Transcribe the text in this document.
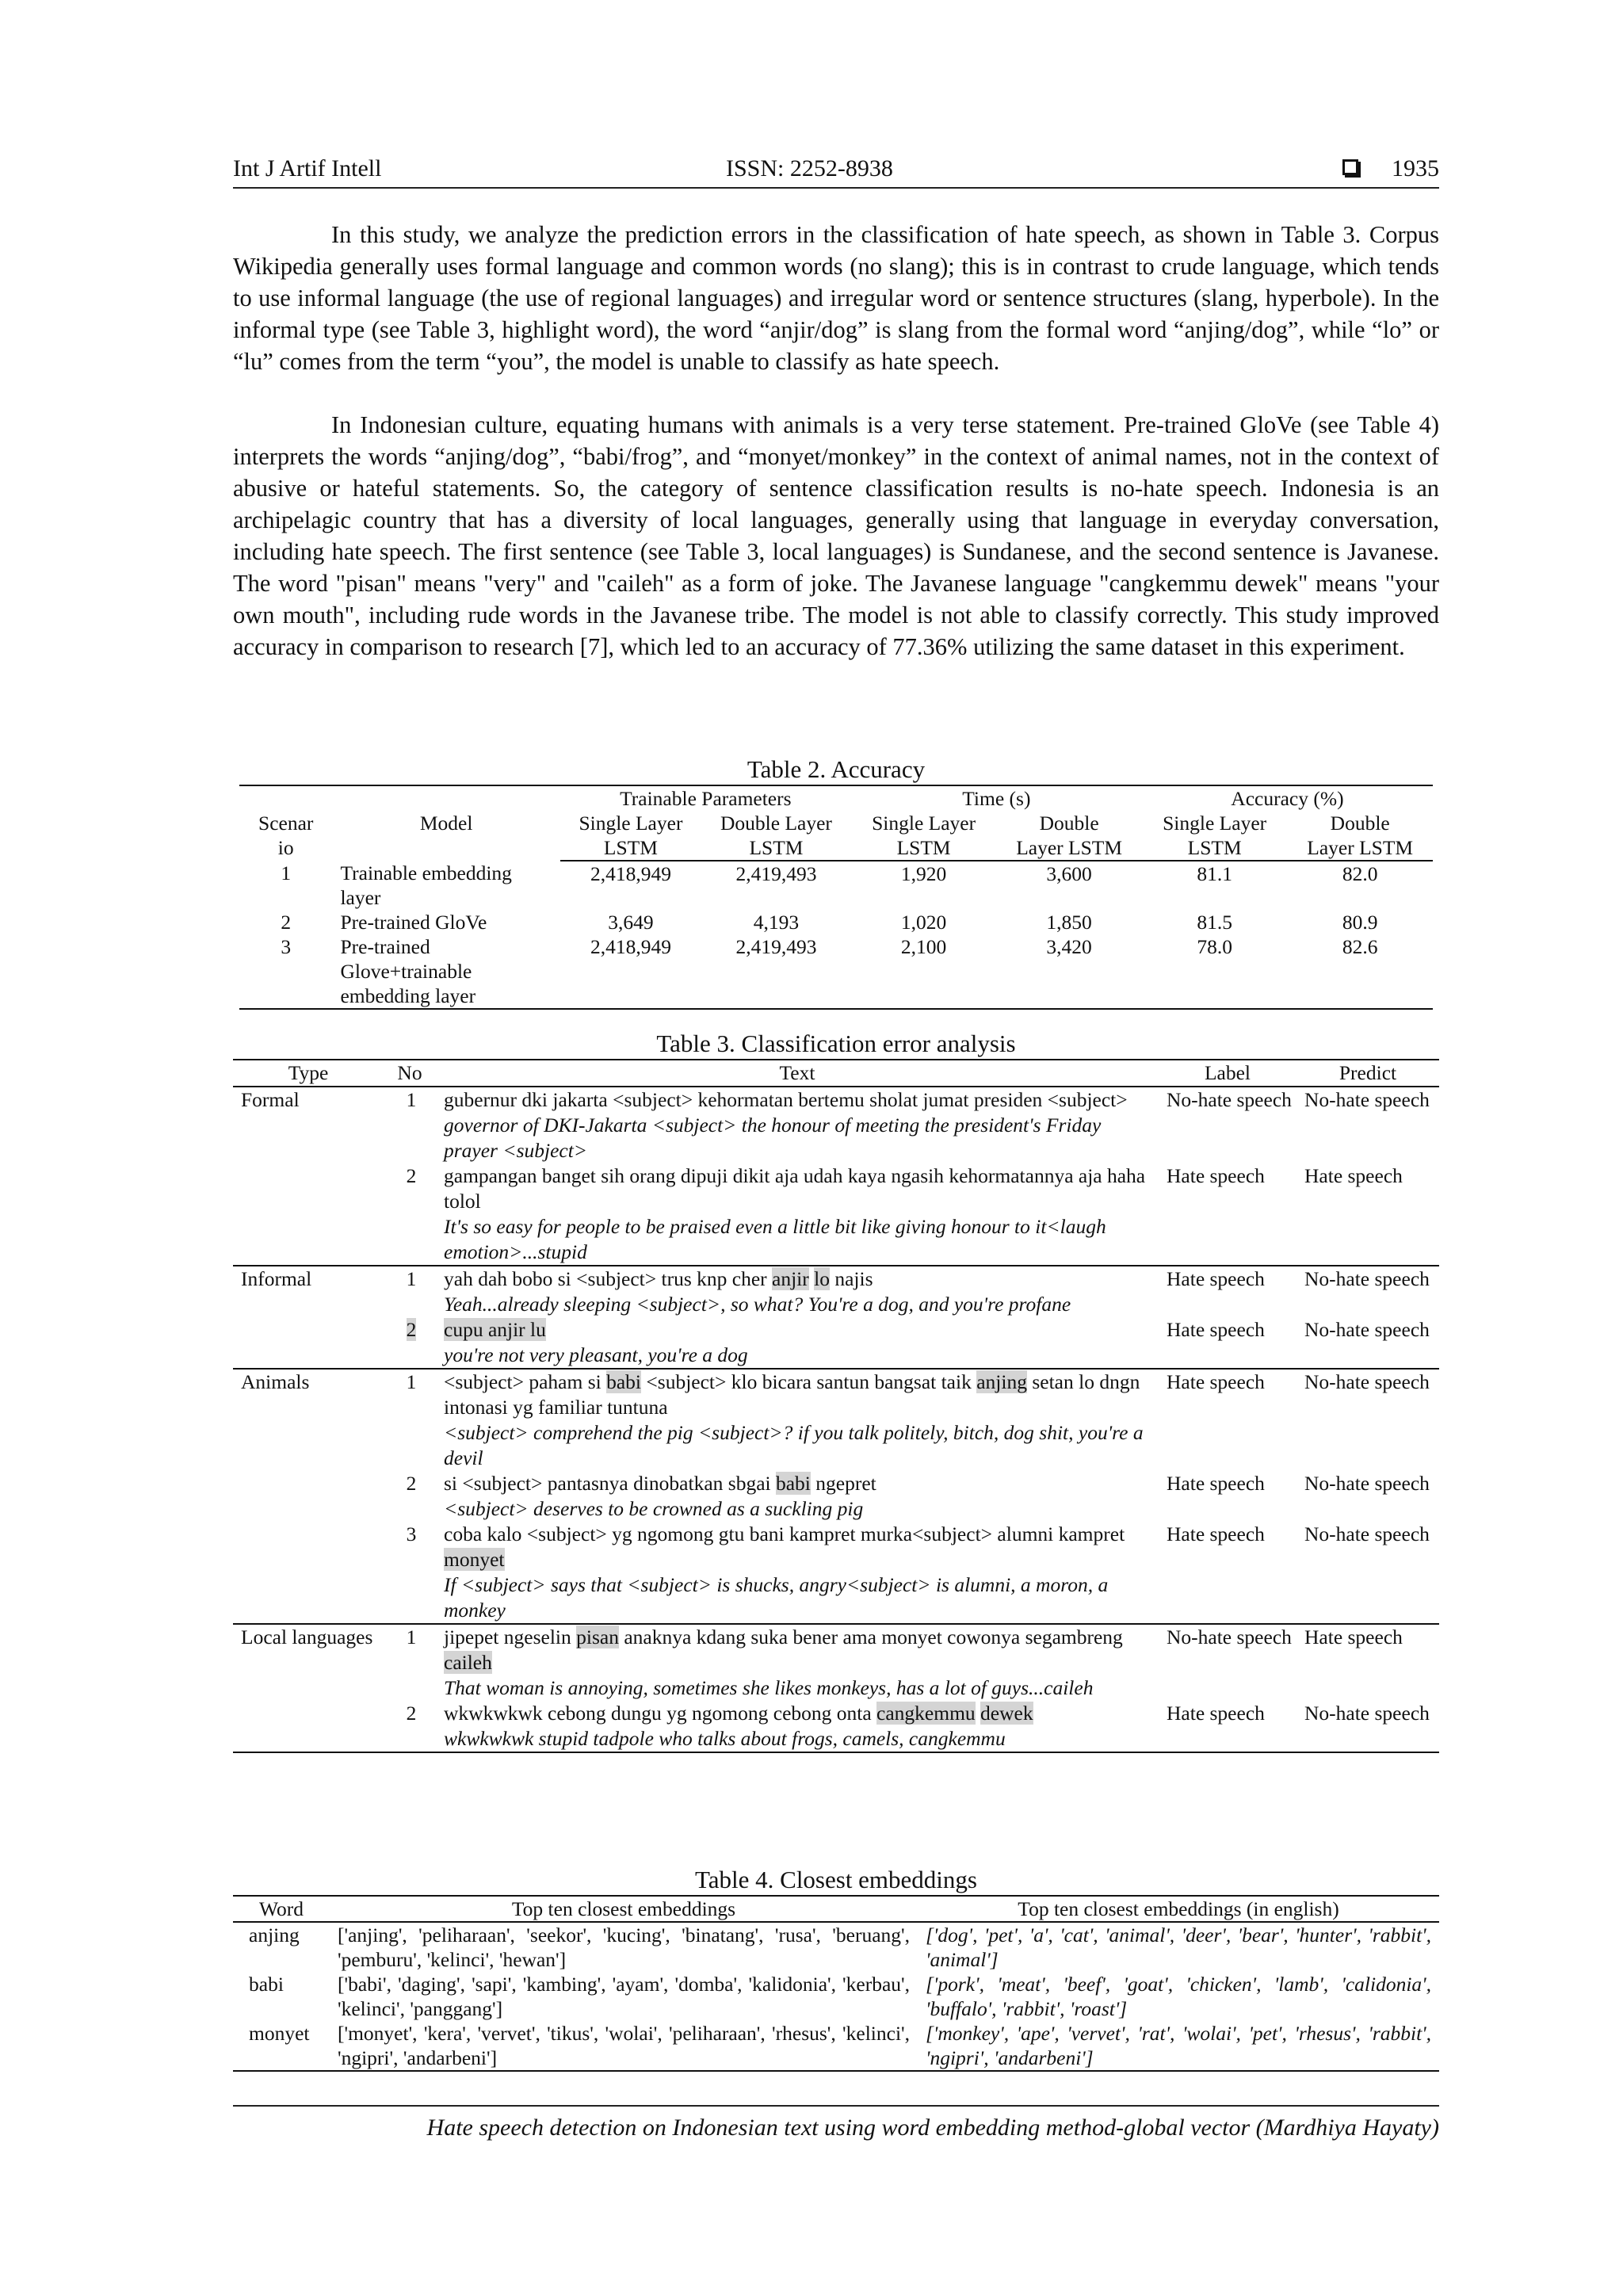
Int J Artif Intell	ISSN: 2252-8938	1935

In this study, we analyze the prediction errors in the classification of hate speech, as shown in Table 3. Corpus Wikipedia generally uses formal language and common words (no slang); this is in contrast to crude language, which tends to use informal language (the use of regional languages) and irregular word or sentence structures (slang, hyperbole). In the informal type (see Table 3, highlight word), the word “anjir/dog” is slang from the formal word “anjing/dog”, while “lo” or “lu” comes from the term “you”, the model is unable to classify as hate speech.

In Indonesian culture, equating humans with animals is a very terse statement. Pre-trained GloVe (see Table 4) interprets the words “anjing/dog”, “babi/frog”, and “monyet/monkey” in the context of animal names, not in the context of abusive or hateful statements. So, the category of sentence classification results is no-hate speech. Indonesia is an archipelagic country that has a diversity of local languages, generally using that language in everyday conversation, including hate speech. The first sentence (see Table 3, local languages) is Sundanese, and the second sentence is Javanese. The word "pisan" means "very" and "caileh" as a form of joke. The Javanese language "cangkemmu dewek" means "your own mouth", including rude words in the Javanese tribe. The model is not able to classify correctly. This study improved accuracy in comparison to research [7], which led to an accuracy of 77.36% utilizing the same dataset in this experiment.

Table 2. Accuracy

Scenar
io	Model	Trainable Parameters		Time (s)		Accuracy (%)	
		Single Layer	Double Layer	Single Layer	Double	Single Layer	Double
		LSTM	LSTM	LSTM	Layer LSTM	LSTM	Layer LSTM
1	Trainable embedding layer	2,418,949	2,419,493	1,920	3,600	81.1	82.0
2	Pre-trained GloVe	3,649	4,193	1,020	1,850	81.5	80.9
3	Pre-trained Glove+trainable embedding layer	2,418,949	2,419,493	2,100	3,420	78.0	82.6
Table 3. Classification error analysis
Type	No	Text	Label	Predict
Formal	1	gubernur dki jakarta <subject> kehormatan bertemu sholat jumat presiden <subject>
governor of DKI-Jakarta <subject> the honour of meeting the president's Friday prayer <subject>	No-hate speech	No-hate speech
	2	gampangan banget sih orang dipuji dikit aja udah kaya ngasih kehormatannya aja haha tolol
It's so easy for people to be praised even a little bit like giving honour to it<laugh emotion>...stupid	Hate speech	Hate speech
Informal	1	yah dah bobo si <subject> trus knp cher anjir lo najis
Yeah...already sleeping <subject>, so what? You're a dog, and you're profane	Hate speech	No-hate speech
	2	cupu anjir lu
you're not very pleasant, you're a dog	Hate speech	No-hate speech
Animals	1	<subject> paham si babi <subject> klo bicara santun bangsat taik anjing setan lo dngn intonasi yg familiar tuntuna
<subject> comprehend the pig <subject>? if you talk politely, bitch, dog shit, you're a devil	Hate speech	No-hate speech
	2	si <subject> pantasnya dinobatkan sbgai babi ngepret
<subject> deserves to be crowned as a suckling pig	Hate speech	No-hate speech
	3	coba kalo <subject> yg ngomong gtu bani kampret murka<subject> alumni kampret monyet
If <subject> says that <subject> is shucks, angry<subject> is alumni, a moron, a monkey	Hate speech	No-hate speech
Local languages	1	jipepet ngeselin pisan anaknya kdang suka bener ama monyet cowonya segambreng caileh
That woman is annoying, sometimes she likes monkeys, has a lot of guys...caileh	No-hate speech	Hate speech
	2	wkwkwkwk cebong dungu yg ngomong cebong onta cangkemmu dewek
wkwkwkwk stupid tadpole who talks about frogs, camels, cangkemmu	Hate speech	No-hate speech
Table 4. Closest embeddings
Word	Top ten closest embeddings	Top ten closest embeddings (in english)
anjing	['anjing', 'peliharaan', 'seekor', 'kucing', 'binatang', 'rusa', 'beruang', 'pemburu', 'kelinci', 'hewan']	['dog', 'pet', 'a', 'cat', 'animal', 'deer', 'bear', 'hunter', 'rabbit', 'animal']
babi	['babi', 'daging', 'sapi', 'kambing', 'ayam', 'domba', 'kalidonia', 'kerbau', 'kelinci', 'panggang']	['pork', 'meat', 'beef', 'goat', 'chicken', 'lamb', 'calidonia', 'buffalo', 'rabbit', 'roast']
monyet	['monyet', 'kera', 'vervet', 'tikus', 'wolai', 'peliharaan', 'rhesus', 'kelinci', 'ngipri', 'andarbeni']	['monkey', 'ape', 'vervet', 'rat', 'wolai', 'pet', 'rhesus', 'rabbit', 'ngipri', 'andarbeni']
Hate speech detection on Indonesian text using word embedding method-global vector (Mardhiya Hayaty)
